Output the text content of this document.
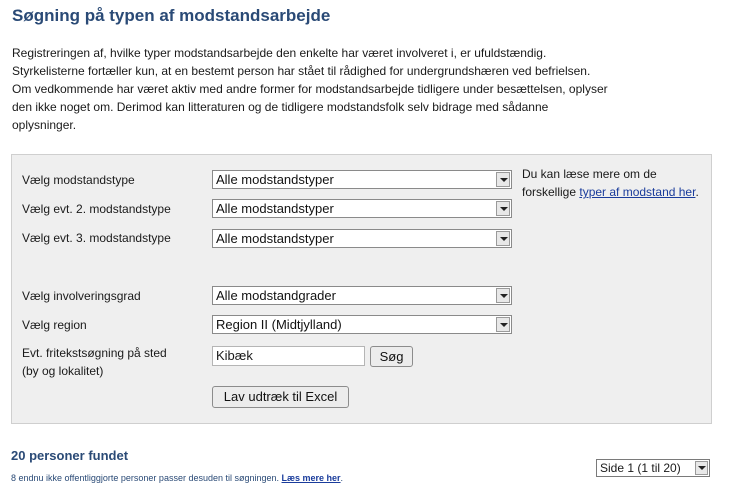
Søgning på typen af modstandsarbejde
Registreringen af, hvilke typer modstandsarbejde den enkelte har været involveret i, er ufuldstændig.
Styrkelisterne fortæller kun, at en bestemt person har stået til rådighed for undergrundshæren ved befrielsen.
Om vedkommende har været aktiv med andre former for modstandsarbejde tidligere under besættelsen, oplyser
den ikke noget om. Derimod kan litteraturen og de tidligere modstandsfolk selv bidrage med sådanne
oplysninger.
Vælg modstandstype	Alle modstandstyper
Vælg evt. 2. modstandstype	Alle modstandstyper
Vælg evt. 3. modstandstype	Alle modstandstyper
Vælg involveringsgrad	Alle modstandgrader
Vælg region	Region II (Midtjylland)
Evt. fritekstsøgning på sted
(by og lokalitet)
Kibæk	Søg
Lav udtræk til Excel
Du kan læse mere om de
forskellige typer af modstand her.
20 personer fundet
8 endnu ikke offentliggjorte personer passer desuden til søgningen. Læs mere her.
Side 1 (1 til 20)
